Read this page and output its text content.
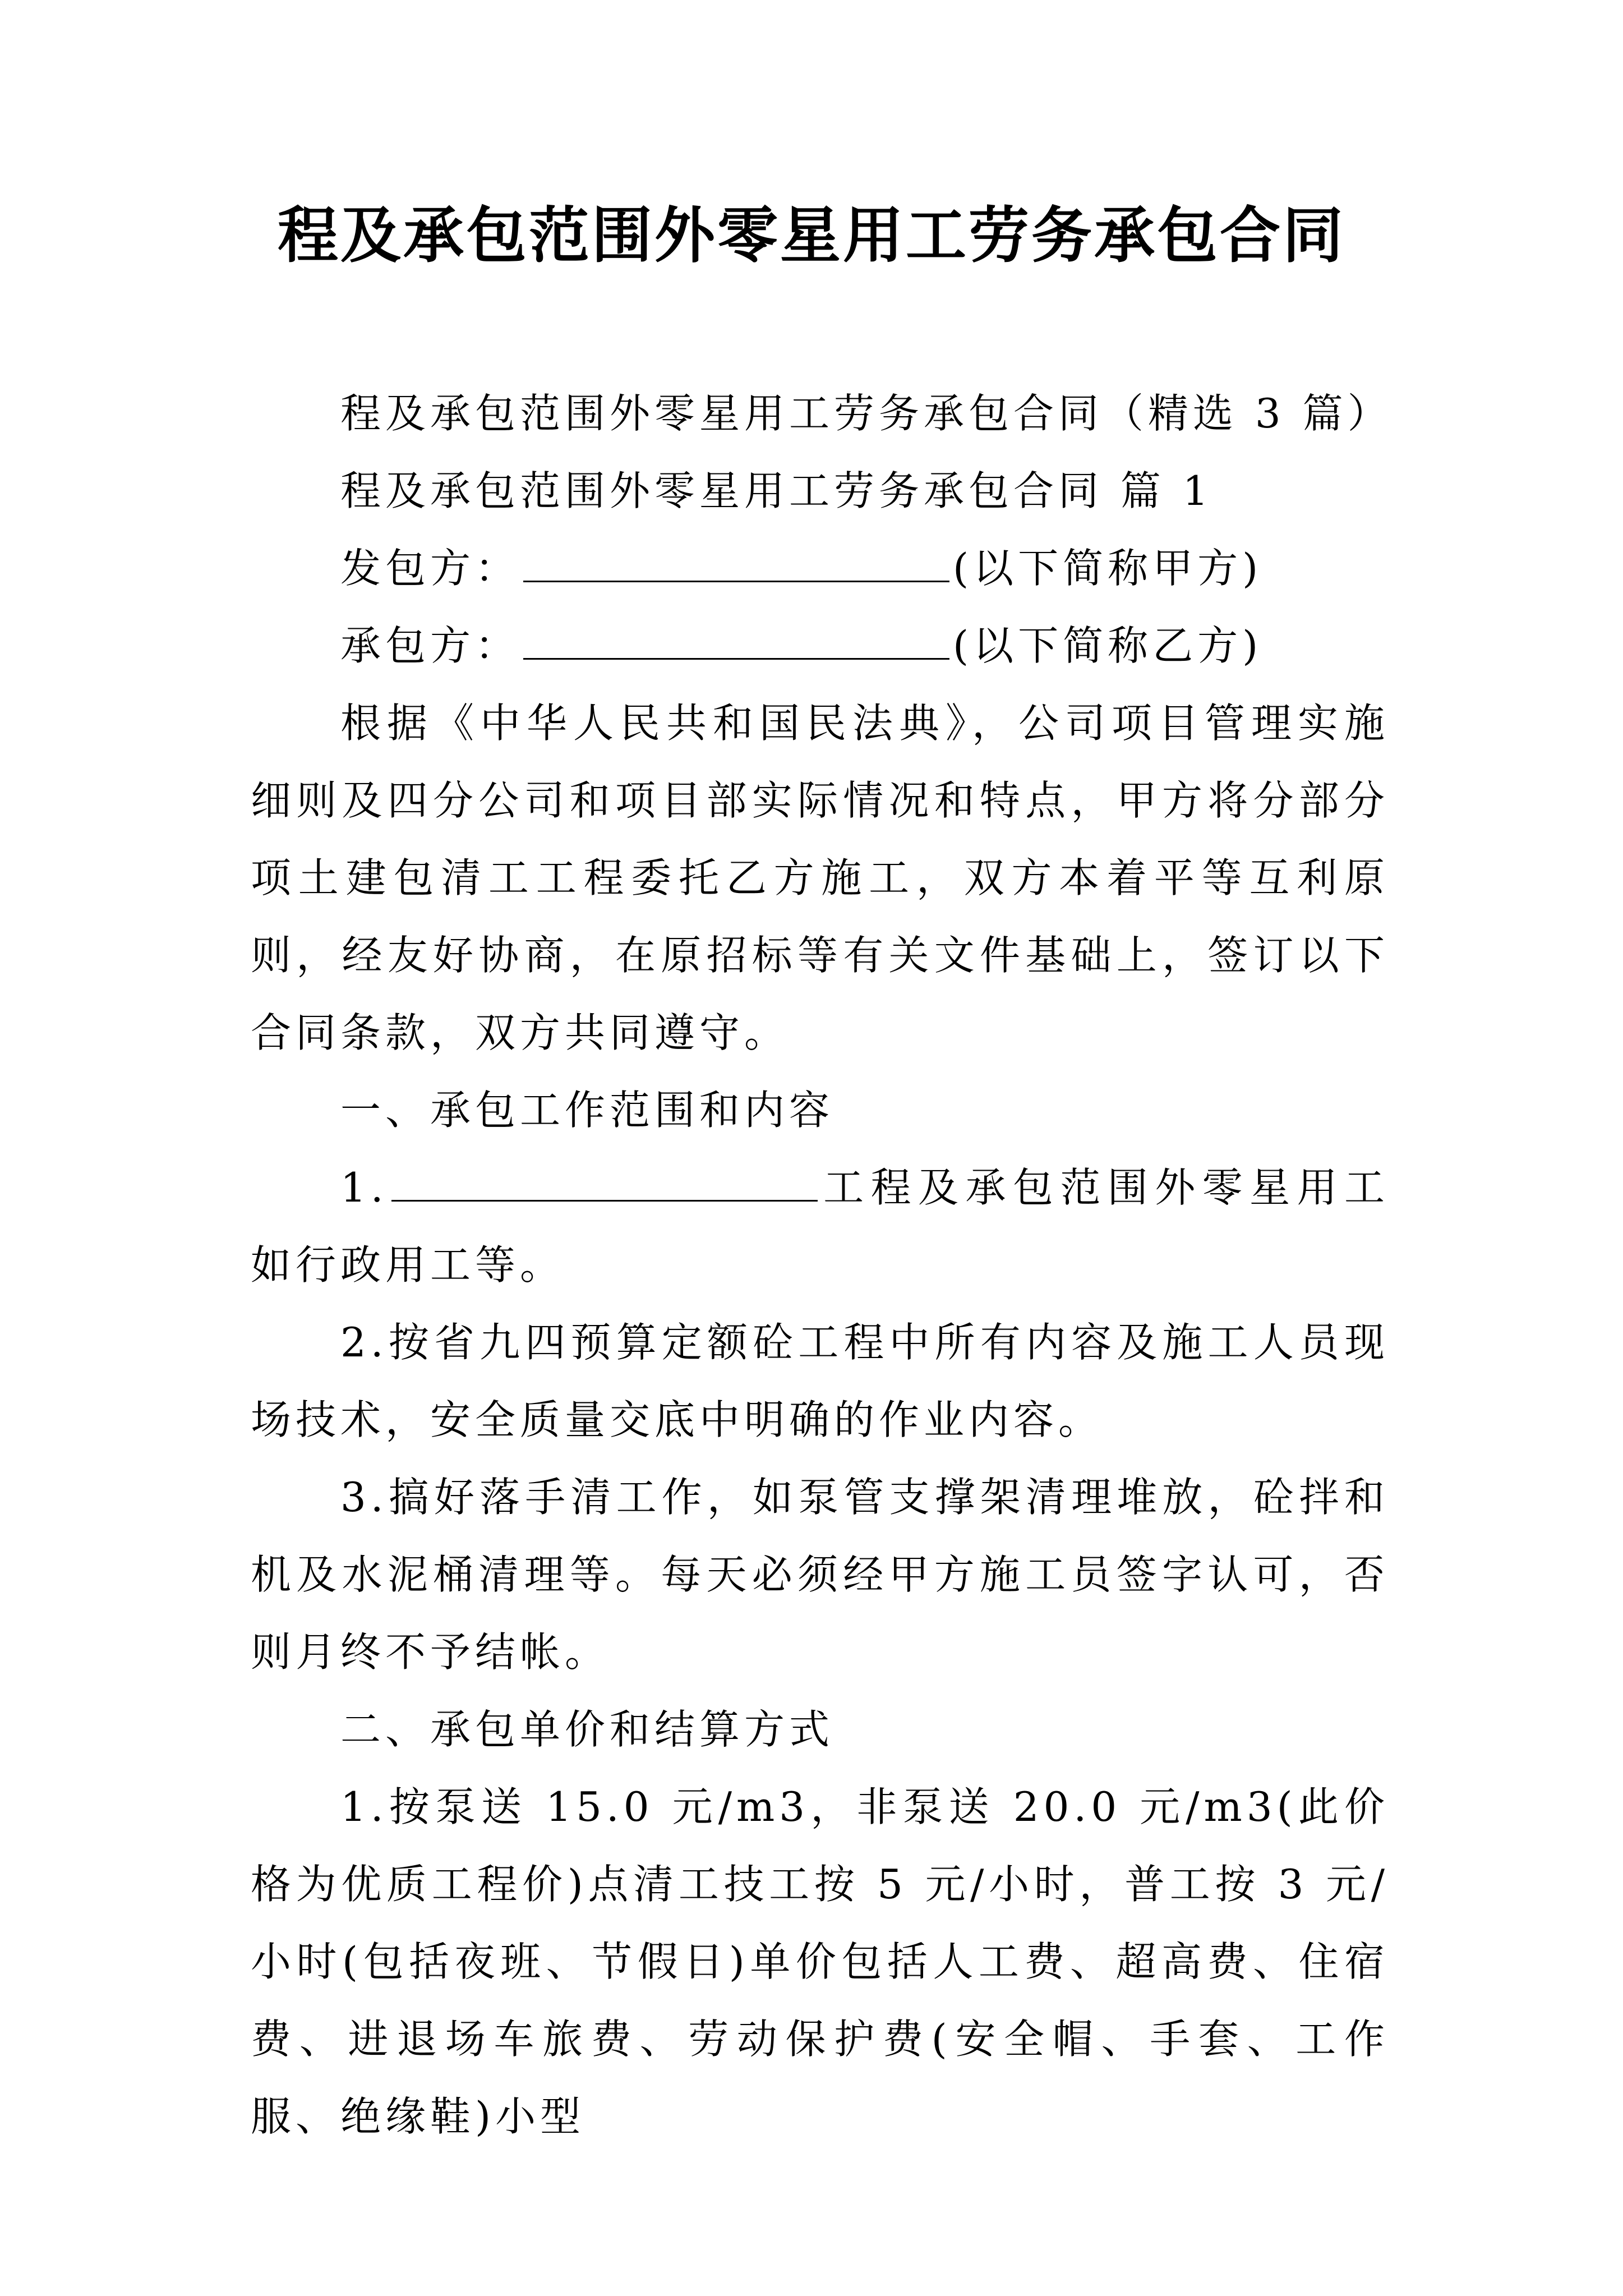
程及承包范围外零星用工劳务承包合同

程及承包范围外零星用工劳务承包合同（精选 3 篇）

程及承包范围外零星用工劳务承包合同 篇 1

发包方：	(以下简称甲方)

承包方：	(以下简称乙方)

根据《中华人民共和国民法典》，公司项目管理实施细则及四分公司和项目部实际情况和特点，甲方将分部分项土建包清工工程委托乙方施工，双方本着平等互利原则，经友好协商，在原招标等有关文件基础上，签订以下合同条款，双方共同遵守。

一、承包工作范围和内容

1.	工程及承包范围外零星用工如行政用工等。

2.按省九四预算定额砼工程中所有内容及施工人员现场技术，安全质量交底中明确的作业内容。

3.搞好落手清工作，如泵管支撑架清理堆放，砼拌和机及水泥桶清理等。每天必须经甲方施工员签字认可，否则月终不予结帐。

二、承包单价和结算方式

1.按泵送 15.0 元/m3，非泵送 20.0 元/m3(此价格为优质工程价)点清工技工按 5 元/小时，普工按 3 元/小时(包括夜班、节假日)单价包括人工费、超高费、住宿费、进退场车旅费、劳动保护费(安全帽、手套、工作服、绝缘鞋)小型
